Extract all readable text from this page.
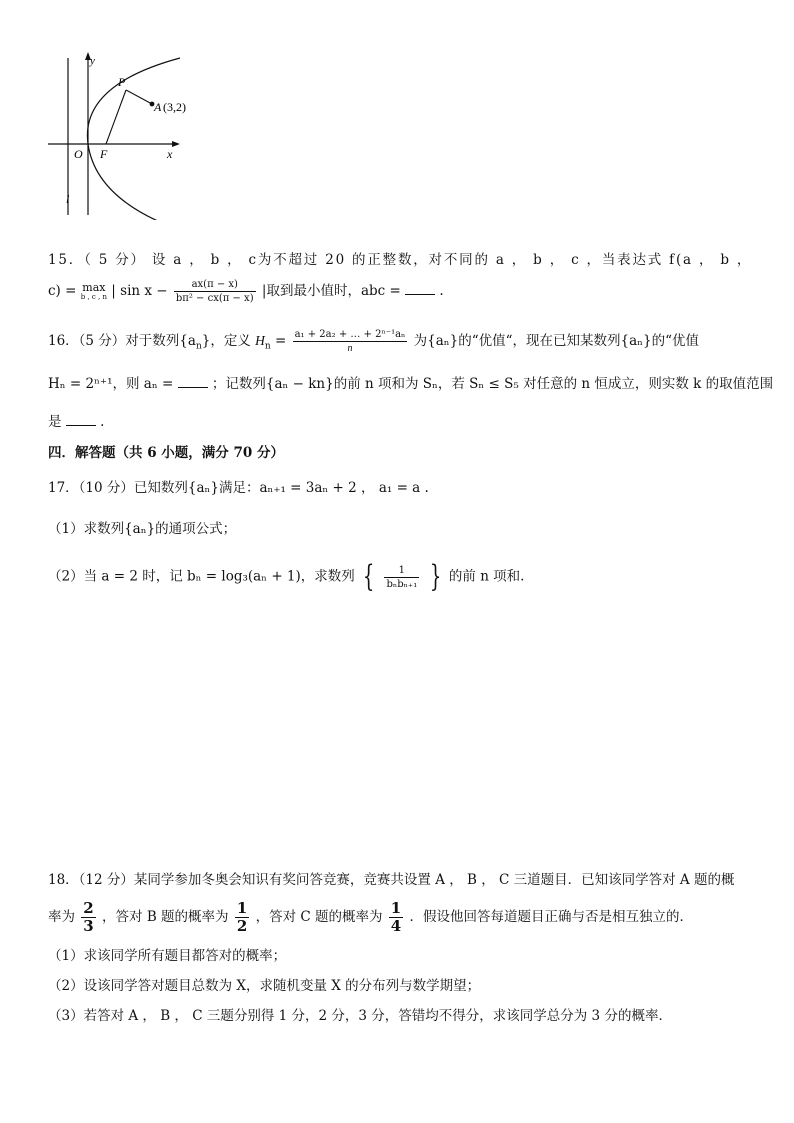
y
P
A (3,2)
O F	x
l
15．（ 5 分） 设 a ， b ， c为不超过 20 的正整数，对不同的 a ， b ， c ，当表达式 f(a ， b ，
c) = max
b , c , n | $\sin x - \frac{ax(\pi - x)}{\text{bπ² − cx(π − x)}}$ |取到最小值时，abc =	.
16．（5 分）对于数列$\{a_n\}$，定义 $H_n = \frac{\text{a₁ + 2a₂ + … + 2ⁿ⁻¹aₙ}}{n}$ 为{aₙ}的“优值“，现在已知某数列{aₙ}的“优值
Hₙ = 2ⁿ⁺¹，则 aₙ =	；记数列{aₙ − kn}的前 n 项和为 Sₙ，若 Sₙ ≤ S₅ 对任意的 n 恒成立，则实数 k 的取值范围
是	.
四．解答题（共 6 小题，满分 70 分）
17．（10 分）已知数列{aₙ}满足：aₙ₊₁ = 3aₙ + 2 ， a₁ = a .
（1）求数列{aₙ}的通项公式；
（2）当 a = 2 时，记 bₙ = log₃(aₙ + 1)，求数列 { $\frac{1}{\text{bₙbₙ₊₁}}$ } 的前 n 项和.
18．（12 分）某同学参加冬奥会知识有奖问答竞赛，竞赛共设置 A ， B ， C 三道题目．已知该同学答对 A 题的概
率为 $\frac{2}{3}$ ，答对 B 题的概率为 $\frac{1}{2}$ ，答对 C 题的概率为 $\frac{1}{4}$ ．假设他回答每道题目正确与否是相互独立的．
（1）求该同学所有题目都答对的概率；
（2）设该同学答对题目总数为 X，求随机变量 X 的分布列与数学期望；
（3）若答对 A ， B ， C 三题分别得 1 分，2 分，3 分，答错均不得分，求该同学总分为 3 分的概率．
